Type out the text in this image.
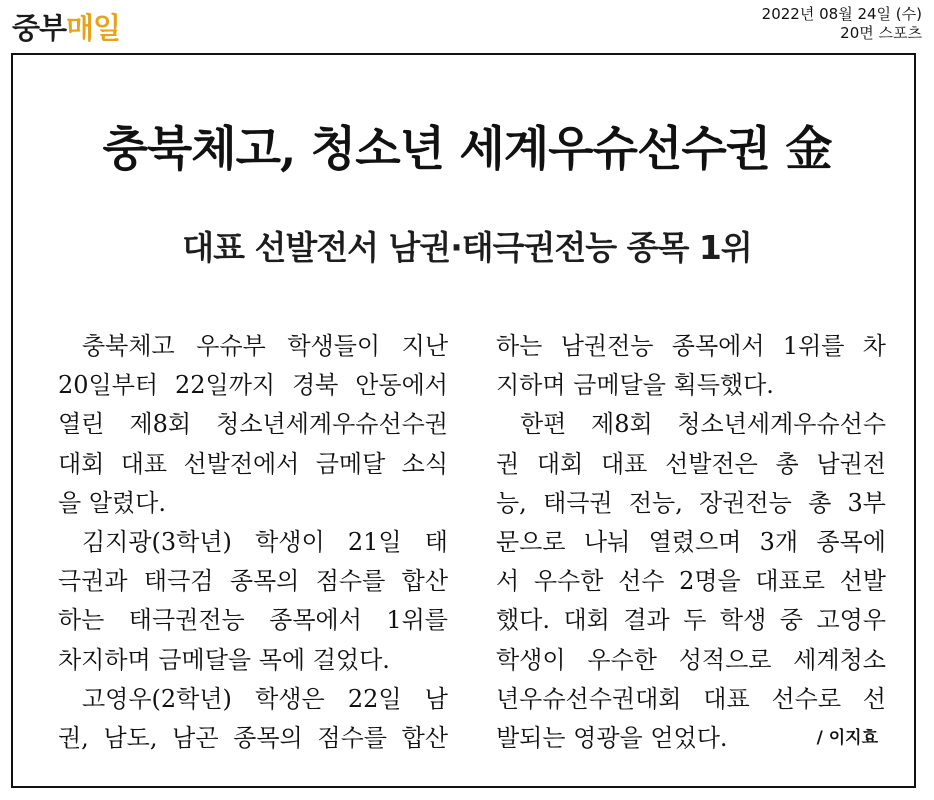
중부매일	2022년 08월 24일 (수)
20면 스포츠
충북체고, 청소년 세계우슈선수권 金
대표 선발전서 남권·태극권전능 종목 1위
충북체고 우슈부 학생들이 지난
20일부터 22일까지 경북 안동에서
열린 제8회 청소년세계우슈선수권
대회 대표 선발전에서 금메달 소식
을 알렸다.
김지광(3학년) 학생이 21일 태
극권과 태극검 종목의 점수를 합산
하는 태극권전능 종목에서 1위를
차지하며 금메달을 목에 걸었다.
고영우(2학년) 학생은 22일 남
권, 남도, 남곤 종목의 점수를 합산
하는 남권전능 종목에서 1위를 차
지하며 금메달을 획득했다.
한편 제8회 청소년세계우슈선수
권 대회 대표 선발전은 총 남권전
능, 태극권 전능, 장권전능 총 3부
문으로 나눠 열렸으며 3개 종목에
서 우수한 선수 2명을 대표로 선발
했다. 대회 결과 두 학생 중 고영우
학생이 우수한 성적으로 세계청소
년우슈선수권대회 대표 선수로 선
발되는 영광을 얻었다.	/ 이지효
